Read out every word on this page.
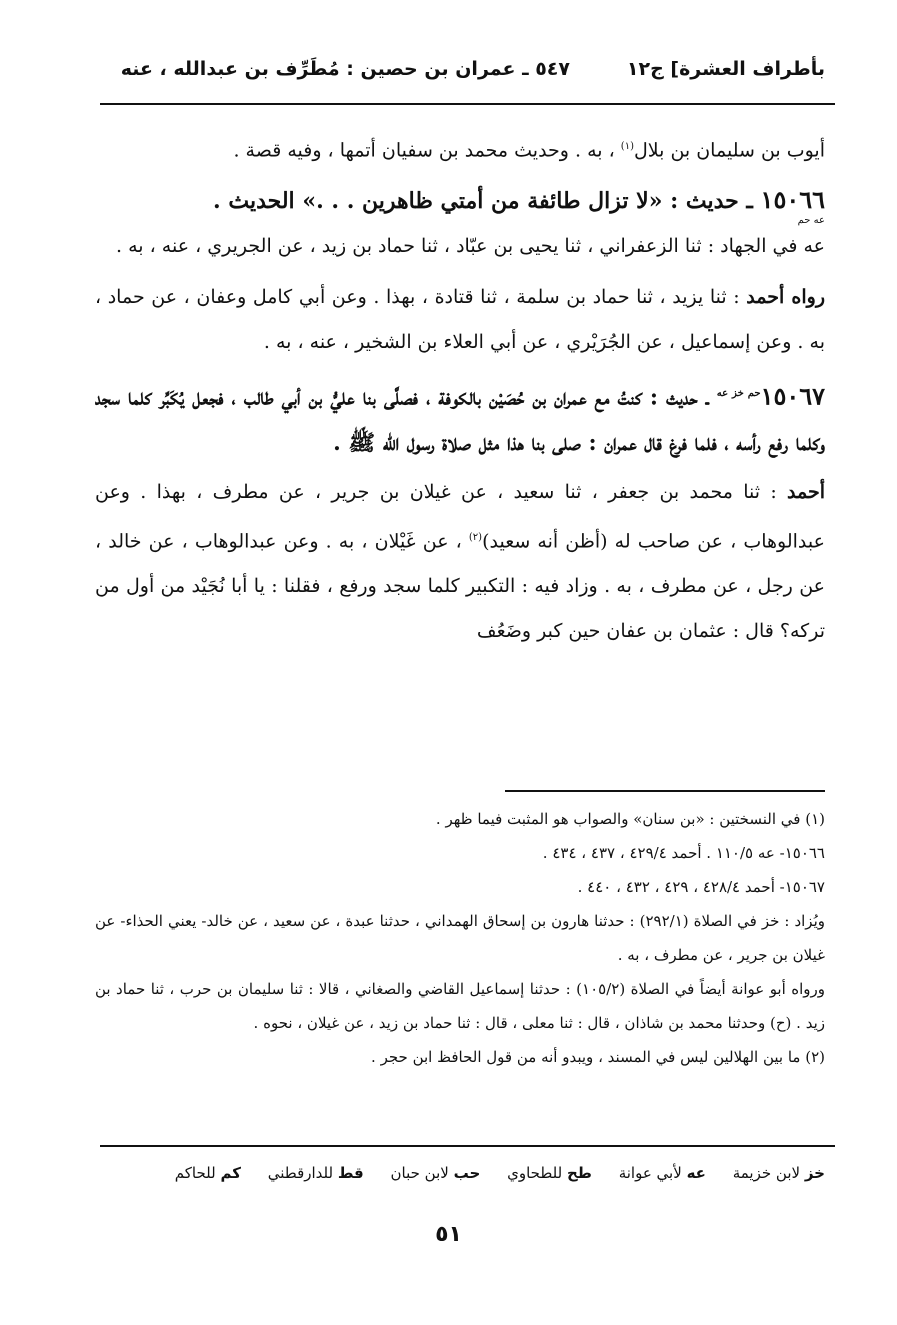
بأطراف العشرة] ج١٢
٥٤٧ ـ عمران بن حصين : مُطَرِّف بن عبدالله ، عنه

أيوب بن سليمان بن بلال$^{(١)}$ ، به . وحديث محمد بن سفيان أتمها ، وفيه قصة .

١٥٠٦٦ ـ حديث : «لا تزال طائفة من أمتي ظاهرين . . .» الحديث .

عه حم

عه في الجهاد : ثنا الزعفراني ، ثنا يحيى بن عبّاد ، ثنا حماد بن زيد ، عن الجريري ، عنه ، به .

رواه أحمد : ثنا يزيد ، ثنا حماد بن سلمة ، ثنا قتادة ، بهذا . وعن أبي كامل وعفان ، عن حماد ، به . وعن إسماعيل ، عن الجُرَيْري ، عن أبي العلاء بن الشخير ، عنه ، به .

$١٥٠٦٧^{حم خز عه}$ ـ حديث : كنتُ مع عمران بن حُصَيْن بالكوفة ، فصلَّى بنا عليُّ بن أبي طالب ، فجعل يُكَبِّر كلما سجد وكلما رفع رأسه ، فلما فرغ قال عمران : صلى بنا هذا مثل صلاة رسول الله ﷺ .

أحمد : ثنا محمد بن جعفر ، ثنا سعيد ، عن غيلان بن جرير ، عن مطرف ، بهذا . وعن عبدالوهاب ، عن صاحب له (أظن أنه سعيد)$^{(٢)}$ ، عن غَيْلان ، به . وعن عبدالوهاب ، عن خالد ، عن رجل ، عن مطرف ، به . وزاد فيه : التكبير كلما سجد ورفع ، فقلنا : يا أبا نُجَيْد من أول من تركه؟ قال : عثمان بن عفان حين كبر وضَعُف

(١) في النسختين : «بن سنان» والصواب هو المثبت فيما ظهر .

١٥٠٦٦- عه ١١٠/٥ . أحمد ٤٢٩/٤ ، ٤٣٧ ، ٤٣٤ .

١٥٠٦٧- أحمد ٤٢٨/٤ ، ٤٢٩ ، ٤٣٢ ، ٤٤٠ .

ويُزاد : خز في الصلاة (٢٩٢/١) : حدثنا هارون بن إسحاق الهمداني ، حدثنا عبدة ، عن سعيد ، عن خالد- يعني الحذاء- عن غيلان بن جرير ، عن مطرف ، به .

ورواه أبو عوانة أيضاً في الصلاة (١٠٥/٢) : حدثنا إسماعيل القاضي والصغاني ، قالا : ثنا سليمان بن حرب ، ثنا حماد بن زيد . (ح) وحدثنا محمد بن شاذان ، قال : ثنا معلى ، قال : ثنا حماد بن زيد ، عن غيلان ، نحوه .

(٢) ما بين الهلالين ليس في المسند ، ويبدو أنه من قول الحافظ ابن حجر .

خز لابن خزيمة عه لأبي عوانة طح للطحاوي حب لابن حبان قط للدارقطني كم للحاكم
٥١
